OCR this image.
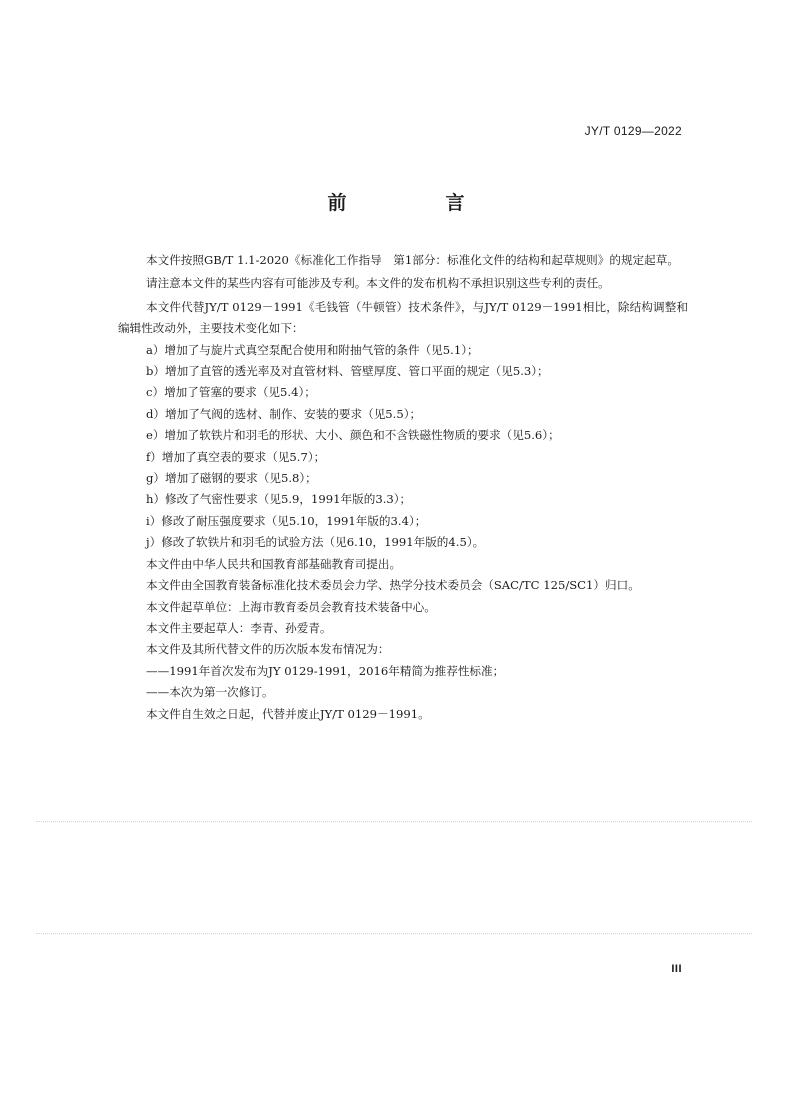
JY/T 0129—2022
前　言

本文件按照GB/T 1.1-2020《标准化工作指导　第1部分：标准化文件的结构和起草规则》的规定起草。

请注意本文件的某些内容有可能涉及专利。本文件的发布机构不承担识别这些专利的责任。

本文件代替JY/T 0129－1991《毛钱管（牛顿管）技术条件》，与JY/T 0129－1991相比，除结构调整和编辑性改动外，主要技术变化如下：

a）增加了与旋片式真空泵配合使用和附抽气管的条件（见5.1）；

b）增加了直管的透光率及对直管材料、管壁厚度、管口平面的规定（见5.3）；

c）增加了管塞的要求（见5.4）；

d）增加了气阀的选材、制作、安装的要求（见5.5）；

e）增加了软铁片和羽毛的形状、大小、颜色和不含铁磁性物质的要求（见5.6）；

f）增加了真空表的要求（见5.7）；

g）增加了磁钢的要求（见5.8）；

h）修改了气密性要求（见5.9，1991年版的3.3）；

i）修改了耐压强度要求（见5.10，1991年版的3.4）；

j）修改了软铁片和羽毛的试验方法（见6.10，1991年版的4.5）。

本文件由中华人民共和国教育部基础教育司提出。

本文件由全国教育装备标准化技术委员会力学、热学分技术委员会（SAC/TC 125/SC1）归口。

本文件起草单位：上海市教育委员会教育技术装备中心。

本文件主要起草人：李青、孙爱青。

本文件及其所代替文件的历次版本发布情况为：

——1991年首次发布为JY 0129-1991，2016年精简为推荐性标准；

——本次为第一次修订。

本文件自生效之日起，代替并废止JY/T 0129－1991。

III
